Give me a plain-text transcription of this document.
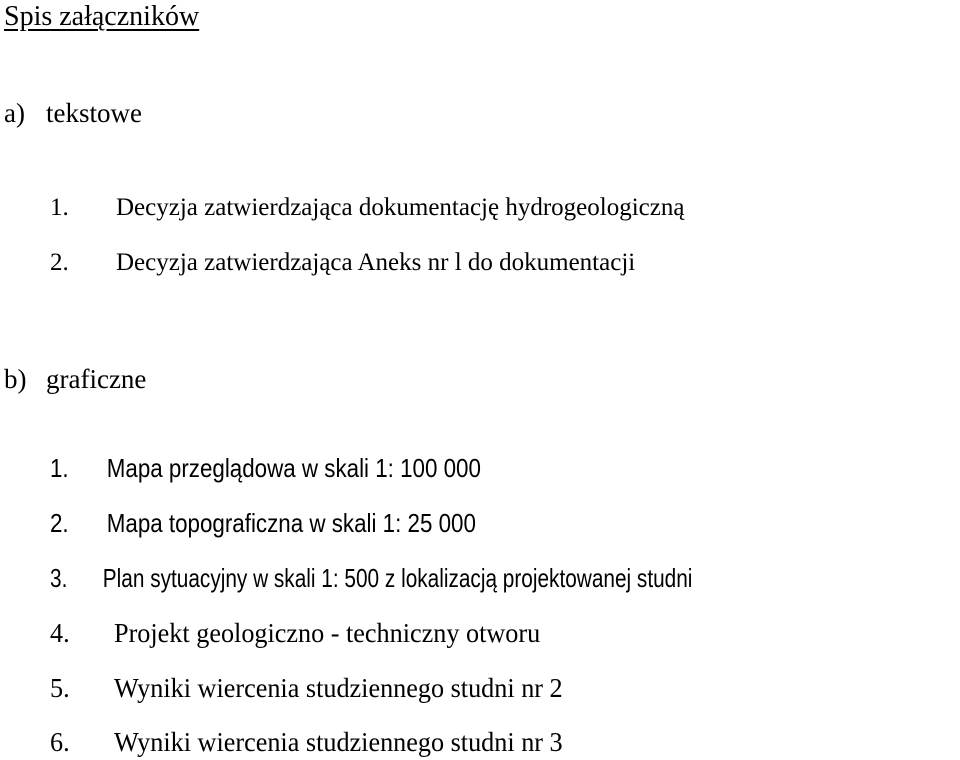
Spis załączników
a) tekstowe
1. Decyzja zatwierdzająca dokumentację hydrogeologiczną
2. Decyzja zatwierdzająca Aneks nr l do dokumentacji
b) graficzne
1. Mapa przeglądowa w skali 1: 100 000
2. Mapa topograficzna w skali 1: 25 000
3. Plan sytuacyjny w skali 1: 500 z lokalizacją projektowanej studni
4. Projekt geologiczno - techniczny otworu
5. Wyniki wiercenia studziennego studni nr 2
6. Wyniki wiercenia studziennego studni nr 3
